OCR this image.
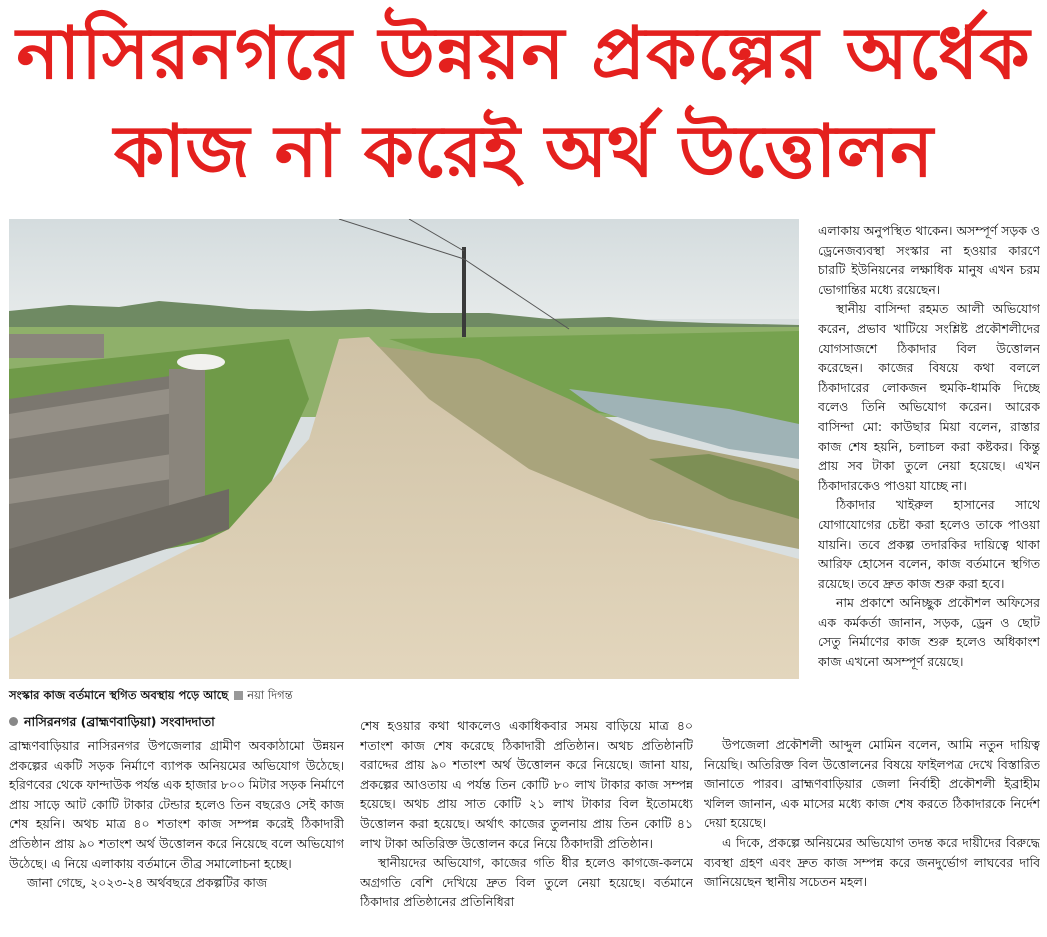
নাসিরনগরে উন্নয়ন প্রকল্পের অর্ধেক
কাজ না করেই অর্থ উত্তোলন
সংস্কার কাজ বর্তমানে স্থগিত অবস্থায় পড়ে আছে নয়া দিগন্ত
নাসিরনগর (ব্রাহ্মণবাড়িয়া) সংবাদদাতা

ব্রাহ্মণবাড়িয়ার নাসিরনগর উপজেলার গ্রামীণ অবকাঠামো উন্নয়ন প্রকল্পের একটি সড়ক নির্মাণে ব্যাপক অনিয়মের অভিযোগ উঠেছে। হরিণবের থেকে ফান্দাউক পর্যন্ত এক হাজার ৮০০ মিটার সড়ক নির্মাণে প্রায় সাড়ে আট কোটি টাকার টেন্ডার হলেও তিন বছরেও সেই কাজ শেষ হয়নি। অথচ মাত্র ৪০ শতাংশ কাজ সম্পন্ন করেই ঠিকাদারী প্রতিষ্ঠান প্রায় ৯০ শতাংশ অর্থ উত্তোলন করে নিয়েছে বলে অভিযোগ উঠেছে। এ নিয়ে এলাকায় বর্তমানে তীব্র সমালোচনা হচ্ছে।

জানা গেছে, ২০২৩-২৪ অর্থবছরে প্রকল্পটির কাজ

শেষ হওয়ার কথা থাকলেও একাধিকবার সময় বাড়িয়ে মাত্র ৪০ শতাংশ কাজ শেষ করেছে ঠিকাদারী প্রতিষ্ঠান। অথচ প্রতিষ্ঠানটি বরাদ্দের প্রায় ৯০ শতাংশ অর্থ উত্তোলন করে নিয়েছে। জানা যায়, প্রকল্পের আওতায় এ পর্যন্ত তিন কোটি ৮০ লাখ টাকার কাজ সম্পন্ন হয়েছে। অথচ প্রায় সাত কোটি ২১ লাখ টাকার বিল ইতোমধ্যে উত্তোলন করা হয়েছে। অর্থাৎ কাজের তুলনায় প্রায় তিন কোটি ৪১ লাখ টাকা অতিরিক্ত উত্তোলন করে নিয়ে ঠিকাদারী প্রতিষ্ঠান।

স্থানীয়দের অভিযোগ, কাজের গতি ধীর হলেও কাগজে-কলমে অগ্রগতি বেশি দেখিয়ে দ্রুত বিল তুলে নেয়া হয়েছে। বর্তমানে ঠিকাদার প্রতিষ্ঠানের প্রতিনিধিরা

এলাকায় অনুপস্থিত থাকেন। অসম্পূর্ণ সড়ক ও ড্রেনেজব্যবস্থা সংস্কার না হওয়ার কারণে চারটি ইউনিয়নের লক্ষাধিক মানুষ এখন চরম ভোগান্তির মধ্যে রয়েছেন।

স্থানীয় বাসিন্দা রহমত আলী অভিযোগ করেন, প্রভাব খাটিয়ে সংশ্লিষ্ট প্রকৌশলীদের যোগসাজশে ঠিকাদার বিল উত্তোলন করেছেন। কাজের বিষয়ে কথা বললে ঠিকাদারের লোকজন হুমকি-ধামকি দিচ্ছে বলেও তিনি অভিযোগ করেন। আরেক বাসিন্দা মো: কাউছার মিয়া বলেন, রাস্তার কাজ শেষ হয়নি, চলাচল করা কষ্টকর। কিন্তু প্রায় সব টাকা তুলে নেয়া হয়েছে। এখন ঠিকাদারকেও পাওয়া যাচ্ছে না।

ঠিকাদার খাইরুল হাসানের সাথে যোগাযোগের চেষ্টা করা হলেও তাকে পাওয়া যায়নি। তবে প্রকল্প তদারকির দায়িত্বে থাকা আরিফ হোসেন বলেন, কাজ বর্তমানে স্থগিত রয়েছে। তবে দ্রুত কাজ শুরু করা হবে।

নাম প্রকাশে অনিচ্ছুক প্রকৌশল অফিসের এক কর্মকর্তা জানান, সড়ক, ড্রেন ও ছোট সেতু নির্মাণের কাজ শুরু হলেও অধিকাংশ কাজ এখনো অসম্পূর্ণ রয়েছে।

উপজেলা প্রকৌশলী আব্দুল মোমিন বলেন, আমি নতুন দায়িত্ব নিয়েছি। অতিরিক্ত বিল উত্তোলনের বিষয়ে ফাইলপত্র দেখে বিস্তারিত জানাতে পারব। ব্রাহ্মণবাড়িয়ার জেলা নির্বাহী প্রকৌশলী ইব্রাহীম খলিল জানান, এক মাসের মধ্যে কাজ শেষ করতে ঠিকাদারকে নির্দেশ দেয়া হয়েছে।

এ দিকে, প্রকল্পে অনিয়মের অভিযোগ তদন্ত করে দায়ীদের বিরুদ্ধে ব্যবস্থা গ্রহণ এবং দ্রুত কাজ সম্পন্ন করে জনদুর্ভোগ লাঘবের দাবি জানিয়েছেন স্থানীয় সচেতন মহল।
